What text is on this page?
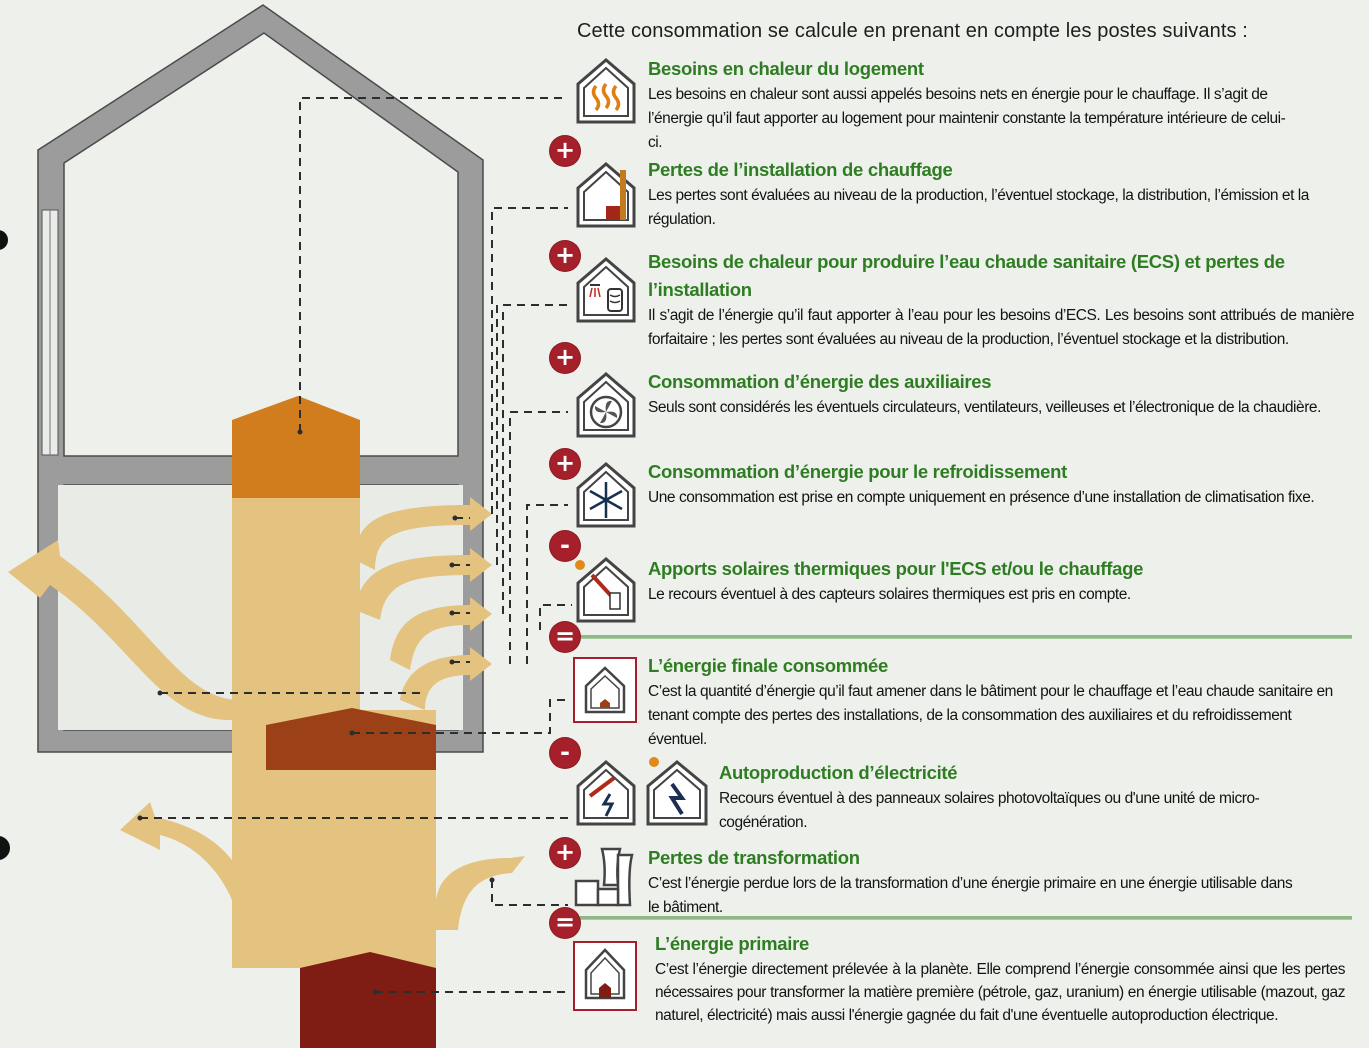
Cette consommation se calcule en prenant en compte les postes suivants :
+
+
+
+
-
=
-
+
=
Besoins en chaleur du logement
Les besoins en chaleur sont aussi appelés besoins nets en énergie pour le chauffage. Il s’agit de l’énergie qu’il faut apporter au logement pour maintenir constante la température intérieure de celui-ci.
Pertes de l’installation de chauffage
Les pertes sont évaluées au niveau de la production, l’éventuel stockage, la distribution, l’émission et la régulation.
Besoins de chaleur pour produire l’eau chaude sanitaire (ECS) et pertes de l’installation
Il s’agit de l’énergie qu’il faut apporter à l’eau pour les besoins d’ECS. Les besoins sont attribués de manière forfaitaire ; les pertes sont évaluées au niveau de la production, l’éventuel stockage et la distribution.
Consommation d’énergie des auxiliaires
Seuls sont considérés les éventuels circulateurs, ventilateurs, veilleuses et l’électronique de la chaudière.
Consommation d’énergie pour le refroidissement
Une consommation est prise en compte uniquement en présence d’une installation de climatisation fixe.
Apports solaires thermiques pour l'ECS et/ou le chauffage
Le recours éventuel à des capteurs solaires thermiques est pris en compte.
L’énergie finale consommée
C’est la quantité d’énergie qu’il faut amener dans le bâtiment pour le chauffage et l’eau chaude sanitaire en tenant compte des pertes des installations, de la consommation des auxiliaires et du refroidissement éventuel.
Autoproduction d’électricité
Recours éventuel à des panneaux solaires photovoltaïques ou d'une unité de micro-cogénération.
Pertes de transformation
C’est l’énergie perdue lors de la transformation d’une énergie primaire en une énergie utilisable dans le bâtiment.
L’énergie primaire
C’est l’énergie directement prélevée à la planète. Elle comprend l’énergie consommée ainsi que les pertes nécessaires pour transformer la matière première (pétrole, gaz, uranium) en énergie utilisable (mazout, gaz naturel, électricité) mais aussi l'énergie gagnée du fait d'une éventuelle autoproduction électrique.
